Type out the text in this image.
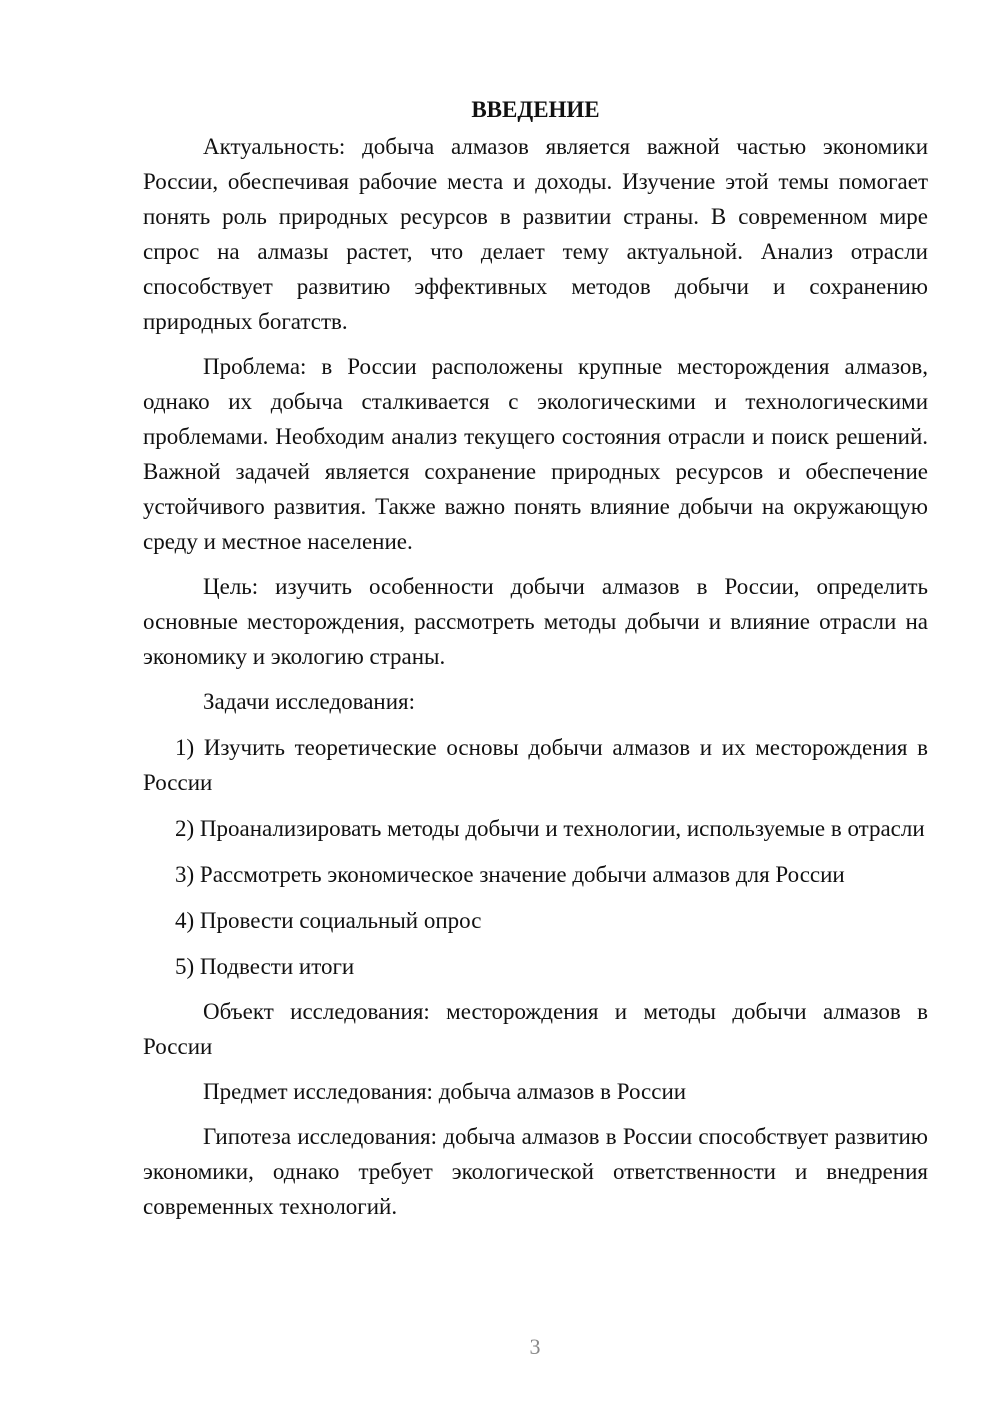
ВВЕДЕНИЕ

Актуальность: добыча алмазов является важной частью экономики России, обеспечивая рабочие места и доходы. Изучение этой темы помогает понять роль природных ресурсов в развитии страны. В современном мире спрос на алмазы растет, что делает тему актуальной. Анализ отрасли способствует развитию эффективных методов добычи и сохранению природных богатств.

Проблема: в России расположены крупные месторождения алмазов, однако их добыча сталкивается с экологическими и технологическими проблемами. Необходим анализ текущего состояния отрасли и поиск решений. Важной задачей является сохранение природных ресурсов и обеспечение устойчивого развития. Также важно понять влияние добычи на окружающую среду и местное население.

Цель: изучить особенности добычи алмазов в России, определить основные месторождения, рассмотреть методы добычи и влияние отрасли на экономику и экологию страны.

Задачи исследования:

1) Изучить теоретические основы добычи алмазов и их месторождения в России

2) Проанализировать методы добычи и технологии, используемые в отрасли

3) Рассмотреть экономическое значение добычи алмазов для России

4) Провести социальный опрос

5) Подвести итоги

Объект исследования: месторождения и методы добычи алмазов в России

Предмет исследования: добыча алмазов в России

Гипотеза исследования: добыча алмазов в России способствует развитию экономики, однако требует экологической ответственности и внедрения современных технологий.

3
